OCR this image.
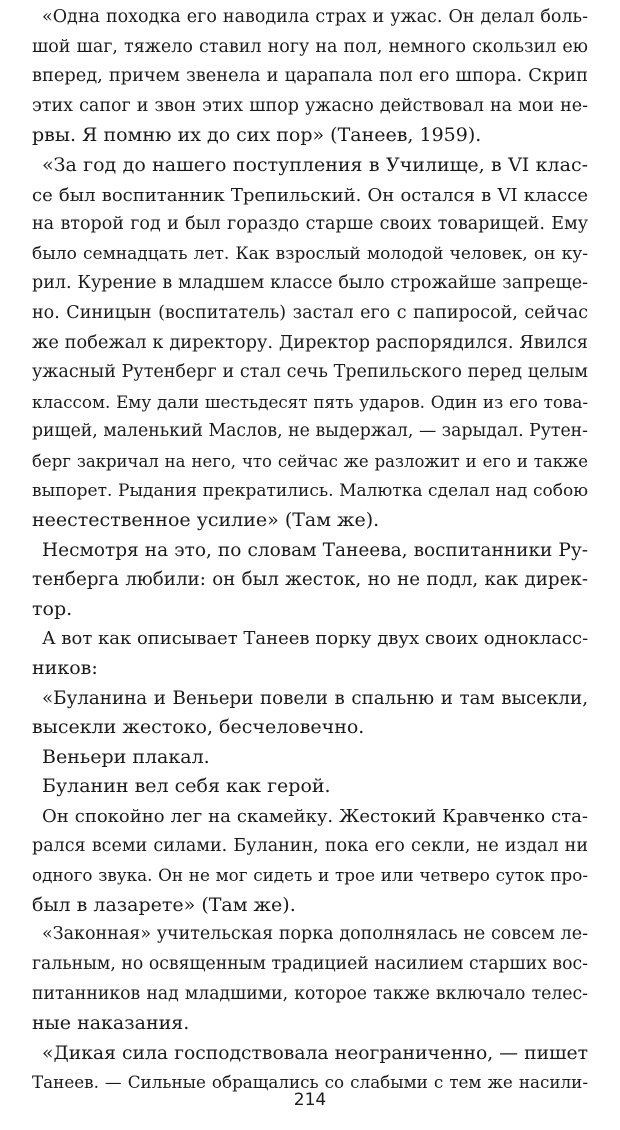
«Одна походка его наводила страх и ужас. Он делал боль-
шой шаг, тяжело ставил ногу на пол, немного скользил ею
вперед, причем звенела и царапала пол его шпора. Скрип
этих сапог и звон этих шпор ужасно действовал на мои не-
рвы. Я помню их до сих пор» (Танеев, 1959).
«За год до нашего поступления в Училище, в VI клас-
се был воспитанник Трепильский. Он остался в VI классе
на второй год и был гораздо старше своих товарищей. Ему
было семнадцать лет. Как взрослый молодой человек, он ку-
рил. Курение в младшем классе было строжайше запреще-
но. Синицын (воспитатель) застал его с папиросой, сейчас
же побежал к директору. Директор распорядился. Явился
ужасный Рутенберг и стал сечь Трепильского перед целым
классом. Ему дали шестьдесят пять ударов. Один из его това-
рищей, маленький Маслов, не выдержал, — зарыдал. Рутен-
берг закричал на него, что сейчас же разложит и его и также
выпорет. Рыдания прекратились. Малютка сделал над собою
неестественное усилие» (Там же).
Несмотря на это, по словам Танеева, воспитанники Ру-
тенберга любили: он был жесток, но не подл, как дирек-
тор.
А вот как описывает Танеев порку двух своих однокласс-
ников:
«Буланина и Веньери повели в спальню и там высекли,
высекли жестоко, бесчеловечно.
Веньери плакал.
Буланин вел себя как герой.
Он спокойно лег на скамейку. Жестокий Кравченко ста-
рался всеми силами. Буланин, пока его секли, не издал ни
одного звука. Он не мог сидеть и трое или четверо суток про-
был в лазарете» (Там же).
«Законная» учительская порка дополнялась не совсем ле-
гальным, но освященным традицией насилием старших вос-
питанников над младшими, которое также включало телес-
ные наказания.
«Дикая сила господствовала неограниченно, — пишет
Танеев. — Сильные обращались со слабыми с тем же насили-
214
